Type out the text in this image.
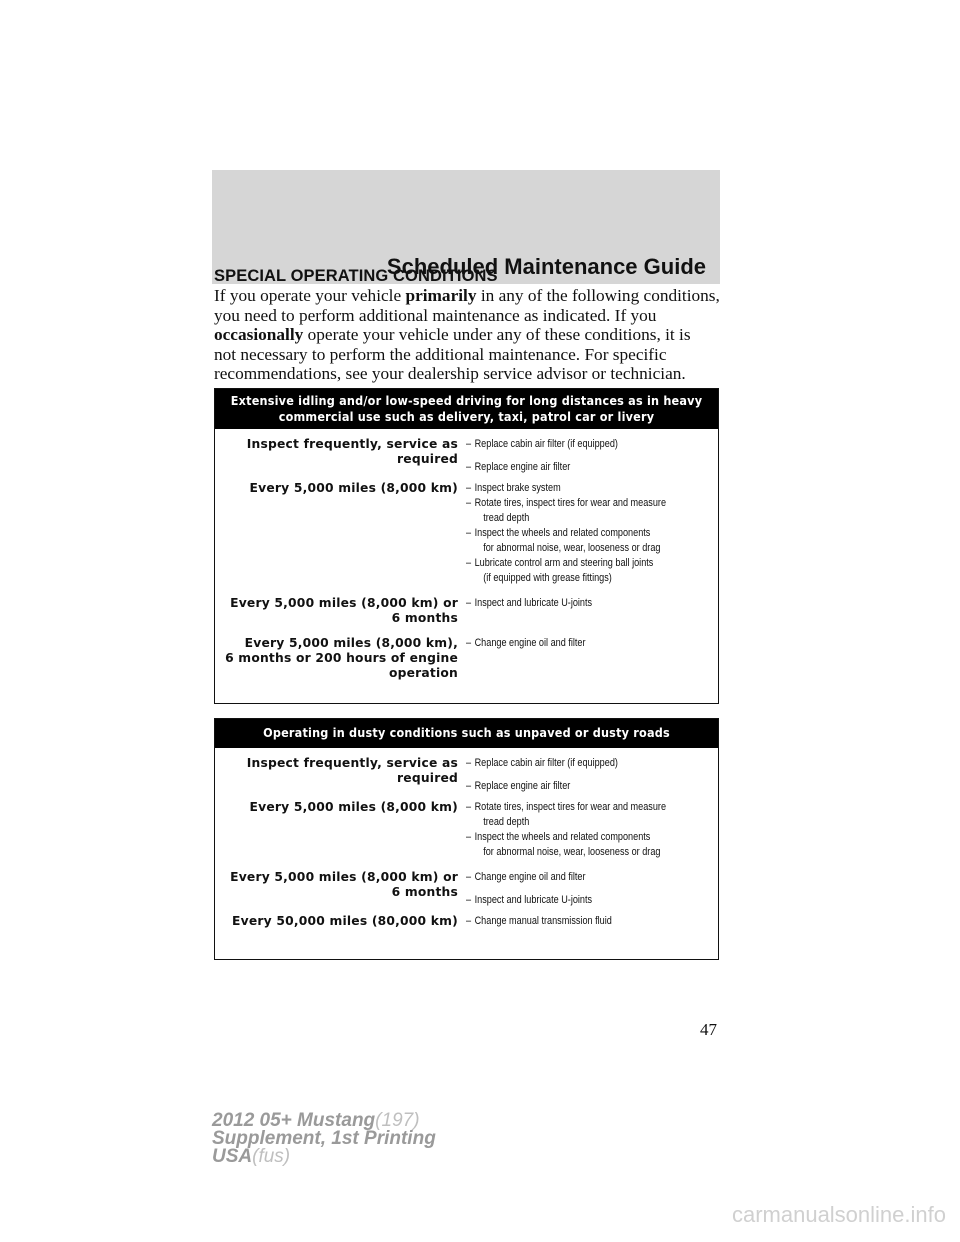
Scheduled Maintenance Guide
SPECIAL OPERATING CONDITIONS
If you operate your vehicle primarily in any of the following conditions,
you need to perform additional maintenance as indicated. If you
occasionally operate your vehicle under any of these conditions, it is
not necessary to perform the additional maintenance. For specific
recommendations, see your dealership service advisor or technician.
Extensive idling and/or low-speed driving for long distances as in heavy
commercial use such as delivery, taxi, patrol car or livery
Inspect frequently, service as
required
– Replace cabin air filter (if equipped)
– Replace engine air filter
Every 5,000 miles (8,000 km) – Inspect brake system
– Rotate tires, inspect tires for wear and measure
tread depth
– Inspect the wheels and related components
for abnormal noise, wear, looseness or drag
– Lubricate control arm and steering ball joints
(if equipped with grease fittings)
Every 5,000 miles (8,000 km) or
6 months
– Inspect and lubricate U-joints
Every 5,000 miles (8,000 km),
6 months or 200 hours of engine
operation
– Change engine oil and filter
Operating in dusty conditions such as unpaved or dusty roads
Inspect frequently, service as
required
– Replace cabin air filter (if equipped)
– Replace engine air filter
Every 5,000 miles (8,000 km) – Rotate tires, inspect tires for wear and measure
tread depth
– Inspect the wheels and related components
for abnormal noise, wear, looseness or drag
Every 5,000 miles (8,000 km) or
6 months
– Change engine oil and filter
– Inspect and lubricate U-joints
Every 50,000 miles (80,000 km) – Change manual transmission fluid
47
2012 05+ Mustang(197)
Supplement, 1st Printing
USA(fus)
carmanualsonline.info
